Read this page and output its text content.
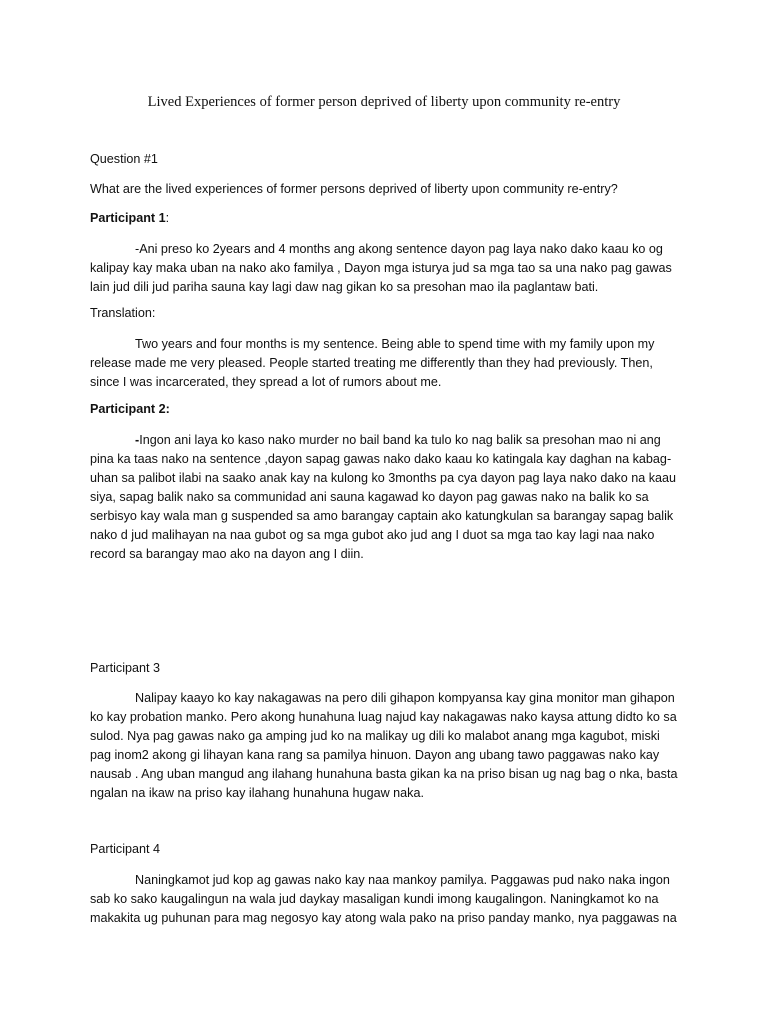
Lived Experiences of former person deprived of liberty upon community re-entry
Question #1
What are the lived experiences of former persons deprived of liberty upon community re-entry?
Participant 1:
-Ani preso ko 2years and 4 months ang akong sentence dayon pag laya nako dako kaau ko og
kalipay kay maka uban na nako ako familya , Dayon mga isturya jud sa mga tao sa una nako pag gawas
lain jud dili jud pariha sauna kay lagi daw nag gikan ko sa presohan mao ila paglantaw bati.
Translation:
Two years and four months is my sentence. Being able to spend time with my family upon my
release made me very pleased. People started treating me differently than they had previously. Then,
since I was incarcerated, they spread a lot of rumors about me.
Participant 2:
-Ingon ani laya ko kaso nako murder no bail band ka tulo ko nag balik sa presohan mao ni ang
pina ka taas nako na sentence ,dayon sapag gawas nako dako kaau ko katingala kay daghan na kabag-
uhan sa palibot ilabi na saako anak kay na kulong ko 3months pa cya dayon pag laya nako dako na kaau
siya, sapag balik nako sa communidad ani sauna kagawad ko dayon pag gawas nako na balik ko sa
serbisyo kay wala man g suspended sa amo barangay captain ako katungkulan sa barangay sapag balik
nako d jud malihayan na naa gubot og sa mga gubot ako jud ang I duot sa mga tao kay lagi naa nako
record sa barangay mao ako na dayon ang I diin.
Participant 3
Nalipay kaayo ko kay nakagawas na pero dili gihapon kompyansa kay gina monitor man gihapon
ko kay probation manko. Pero akong hunahuna luag najud kay nakagawas nako kaysa attung didto ko sa
sulod. Nya pag gawas nako ga amping jud ko na malikay ug dili ko malabot anang mga kagubot, miski
pag inom2 akong gi lihayan kana rang sa pamilya hinuon. Dayon ang ubang tawo paggawas nako kay
nausab . Ang uban mangud ang ilahang hunahuna basta gikan ka na priso bisan ug nag bag o nka, basta
ngalan na ikaw na priso kay ilahang hunahuna hugaw naka.
Participant 4
Naningkamot jud kop ag gawas nako kay naa mankoy pamilya. Paggawas pud nako naka ingon
sab ko sako kaugalingun na wala jud daykay masaligan kundi imong kaugalingon. Naningkamot ko na
makakita ug puhunan para mag negosyo kay atong wala pako na priso panday manko, nya paggawas na
